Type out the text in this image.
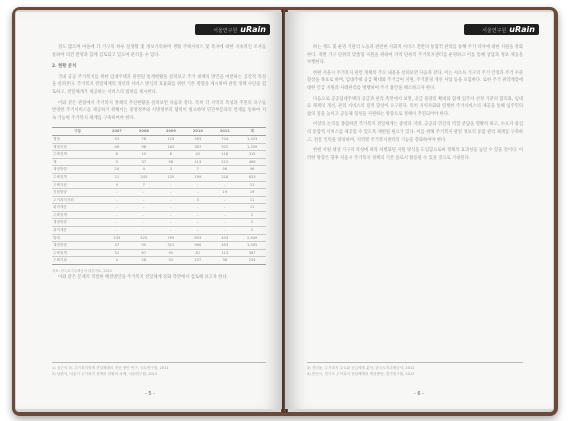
서울연구원 uRain

정도 많으며 마을에 각 가구의 하루 실생활 및 정보기록하며 생활 주택서비스 및 복지에 대한 지속적인 조사를 통하여 의견 반영과 함께 검토되고 있으며 분석을 수 있다.

2. 현황 분석

국내 공공 주거복지를 위한 임대주택과 관련된 통계현황을 살펴보고 주거 대책의 방안을 마련하는 공간적 특성을 살펴본다. 주거복지 전달체계의 개선과 서비스 방식의 효율화를 위한 기본 방향을 제시하며 관련 정책 수단을 검토하고, 전달체계가 제공하는 서비스의 범위를 제시한다.

이와 같은 관점에서 주거복지 정책의 추진현황을 살펴보면 다음과 같다. 특히 각 지역의 특성과 주민의 욕구를 반영한 주거서비스를 제공하기 위해서는 중앙정부와 지방정부의 협력이 필요하며 민간부문과의 연계를 통하여 지속 가능한 주거복지 체계를 구축하여야 한다.

구분	2007	2008	2009	2010	2011	계
행정	53	78	125	283	724	1,423
재정지원	46	98	162	387	522	1,209
주택정책	8	15	8	42	118	315
계	5	37	98	113	215	468
재정방향	24	4	3	7	56	96
주택정책	21	245	135	199	218	633
주택지원	4	7	-	-	-	11
지원방향	-	-	-	-	19	19
주거복지지원	-	-	-	3	-	11
취약계층	-	-	-	-	-	11
주택정책	-	-	-	-	-	2
재정방향	-	-	-	-	-	2
취약계층	-	-	-	-	-	2
합계	233	525	799	693	433	2,649
재정방향	37	90	321	960	453	1,455
주택정책	31	67	95	81	113	387
주택지원	4	28	32	137	38	234
자료: 한국토지주택공사 내부자료, 2012

이와 같은 문제의 적절한 해결방안을 주거복지 전달체계 강화 측면에서 검토해 보고자 한다.

1) 심근석 외, 주거복지정책 전달체계의 개선 방안 연구, 국토연구원, 2011
2) 남원석, 서울시 주거복지 정책의 현황과 과제, 서울연구원, 2012
- 5 -
서울연구원 uRain

하는 제도 및 운영 기관의 노동과 관련한 사회적 서비스 전반의 통합적 관리를 통해 주거 약자에 대한 지원을 강화한다. 개별 가구 단위의 맞춤형 지원을 위하여 지역 단위의 주거복지센터를 운영하고 이를 통해 상담과 정보 제공을 수행한다.

한편 서울시 주거복지 관련 정책의 주요 내용을 살펴보면 다음과 같다. 이는 저소득 가구의 주거 안정과 주거 수준 향상을 목표로 하며, 임대주택 공급 확대와 주거급여 지원, 주거환경 개선 사업 등을 포함한다. 또한 주거 취약계층에 대한 긴급 지원과 사례관리를 병행하여 주거 불안을 해소하고자 한다.

다음으로 공공임대주택의 공급과 관리 측면에서 보면, 공급 물량의 확대와 함께 입주자 선정 기준의 합리화, 임대료 체계의 개선, 관리 서비스의 질적 향상이 요구된다. 특히 지역사회와 연계한 주거서비스의 제공을 통해 입주민의 삶의 질을 높이고 공동체 형성을 지원하는 방향으로 정책이 추진되어야 한다.

이상의 논의를 종합하면 주거복지 전달체계는 중앙과 지방, 공공과 민간의 역할 분담을 명확히 하고, 수요자 중심의 통합적 서비스를 제공할 수 있도록 재편될 필요가 있다. 이를 위해 주거복지 관련 정보의 통합 관리 체계를 구축하고, 전문 인력을 양성하며, 지역별 주거복지센터의 기능을 강화하여야 한다.

한편 지원 대상 가구의 특성에 따라 차별화된 지원 방식을 도입함으로써 정책의 효과성을 높일 수 있을 것이다. 이러한 방향은 향후 서울시 주거복지 정책의 기본 틀로서 활용될 수 있을 것으로 기대된다.

3) 진미윤, 주거복지 수요와 공급체계 분석, 한국토지주택공사, 2012
4) 봉인식, 경기도 주거복지 전달체계의 개선방안, 경기연구원, 2011
- 6 -
